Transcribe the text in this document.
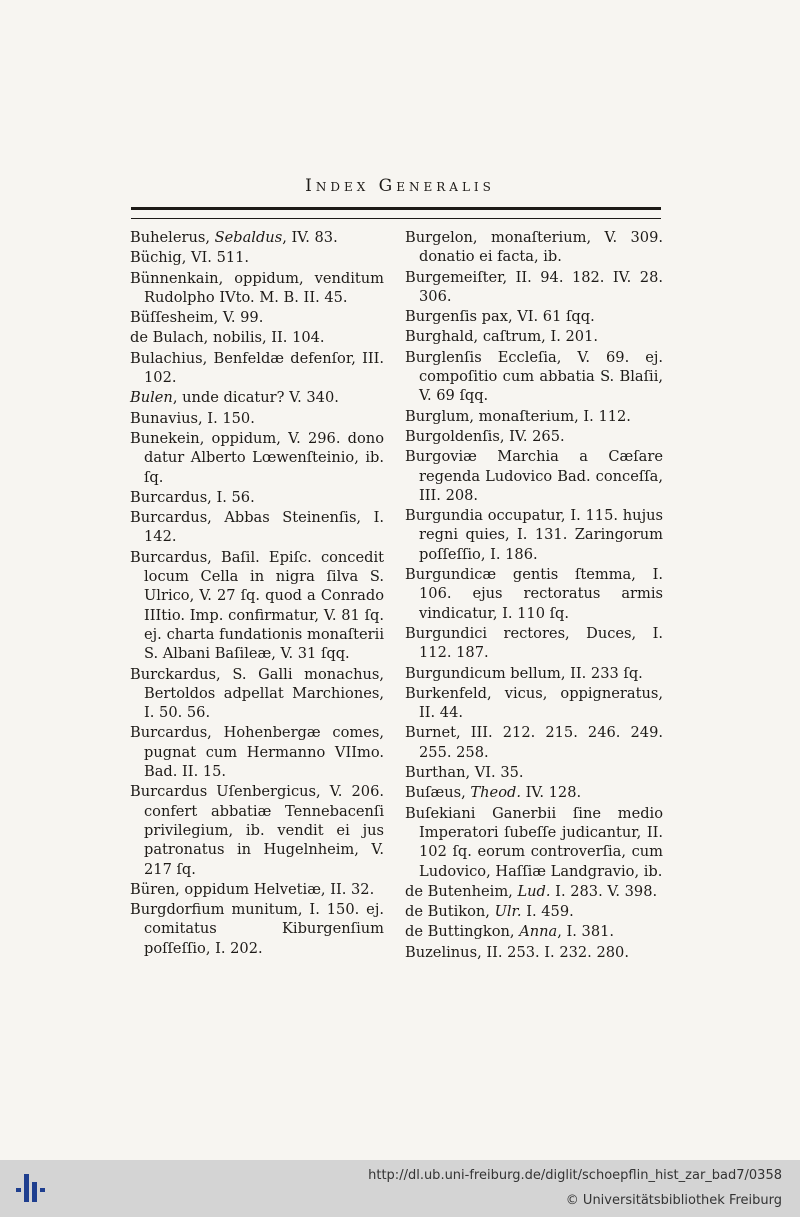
Index Generalis
Buhelerus, Sebaldus, IV. 83.
Büchig, VI. 511.
Bünnenkain, oppidum, venditum Rudolpho IVto. M. B. II. 45.
Büſſesheim, V. 99.
de Bulach, nobilis, II. 104.
Bulachius, Benfeldæ defenſor, III. 102.
Bulen, unde dicatur? V. 340.
Bunavius, I. 150.
Bunekein, oppidum, V. 296. dono datur Alberto Lœwenſteinio, ib. ſq.
Burcardus, I. 56.
Burcardus, Abbas Steinenſis, I. 142.
Burcardus, Baſil. Epiſc. concedit locum Cella in nigra ſilva S. Ulrico, V. 27 ſq. quod a Conrado IIItio. Imp. confirmatur, V. 81 ſq. ej. charta fundationis monaſterii S. Albani Baſileæ, V. 31 ſqq.
Burckardus, S. Galli monachus, Bertoldos adpellat Marchiones, I. 50. 56.
Burcardus, Hohenbergæ comes, pugnat cum Hermanno VIImo. Bad. II. 15.
Burcardus Uſenbergicus, V. 206. confert abbatiæ Tennebacenſi privilegium, ib. vendit ei jus patronatus in Hugelnheim, V. 217 ſq.
Büren, oppidum Helvetiæ, II. 32.
Burgdorfium munitum, I. 150. ej. comitatus Kiburgenſium poſſeſſio, I. 202.
Burgelon, monaſterium, V. 309. donatio ei facta, ib.
Burgemeiſter, II. 94. 182. IV. 28. 306.
Burgenſis pax, VI. 61 ſqq.
Burghald, caſtrum, I. 201.
Burglenſis Eccleſia, V. 69. ej. compoſitio cum abbatia S. Blaſii, V. 69 ſqq.
Burglum, monaſterium, I. 112.
Burgoldenſis, IV. 265.
Burgoviæ Marchia a Cæſare regenda Ludovico Bad. conceſſa, III. 208.
Burgundia occupatur, I. 115. hujus regni quies, I. 131. Zaringorum poſſeſſio, I. 186.
Burgundicæ gentis ſtemma, I. 106. ejus rectoratus armis vindicatur, I. 110 ſq.
Burgundici rectores, Duces, I. 112. 187.
Burgundicum bellum, II. 233 ſq.
Burkenfeld, vicus, oppigneratus, II. 44.
Burnet, III. 212. 215. 246. 249. 255. 258.
Burthan, VI. 35.
Buſæus, Theod. IV. 128.
Buſekiani Ganerbii ſine medio Imperatori ſubeſſe judicantur, II. 102 ſq. eorum controverſia, cum Ludovico, Haſſiæ Landgravio, ib.
de Butenheim, Lud. I. 283. V. 398.
de Butikon, Ulr. I. 459.
de Buttingkon, Anna, I. 381.
Buzelinus, II. 253. I. 232. 280.
http://dl.ub.uni-freiburg.de/diglit/schoepflin_hist_zar_bad7/0358
© Universitätsbibliothek Freiburg
